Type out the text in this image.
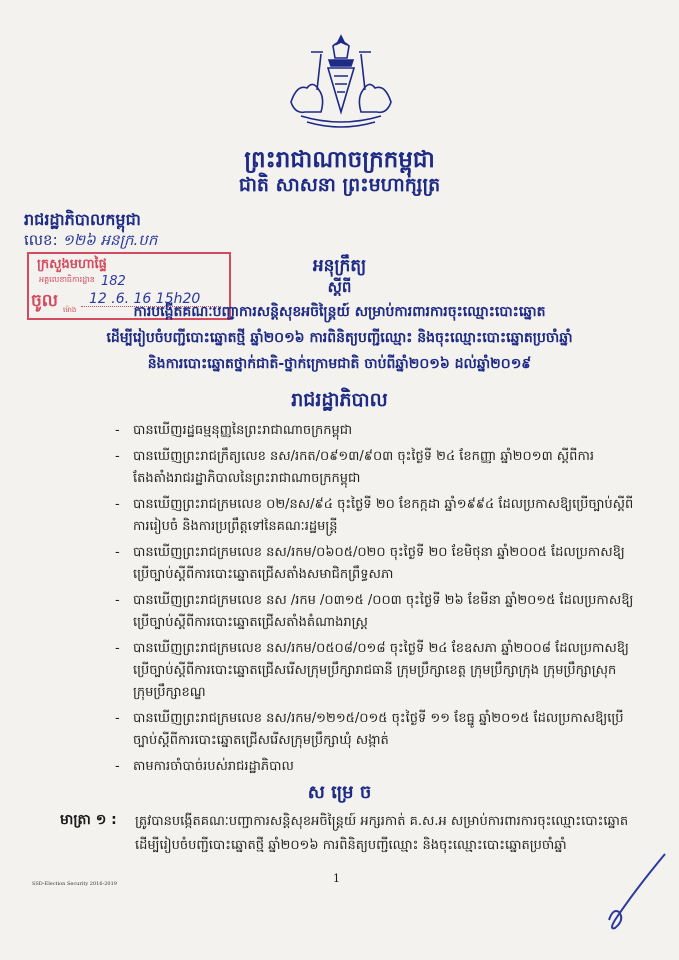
ព្រះរាជាណាចក្រកម្ពុជា
ជាតិ សាសនា ព្រះមហាក្សត្រ
រាជរដ្ឋាភិបាលកម្ពុជា
លេខ: ១២៦ អនក្រ.បក
ក្រសួងមហាផ្ទៃ
អគ្គលេខាធិការដ្ឋាន
ចូល
182
12 .6. 16 15h20
ម៉ោង
អនុក្រឹត្យ
ស្តីពី
ការបង្កើតគណៈបញ្ជាការសន្តិសុខអចិន្ត្រៃយ៍ សម្រាប់ការពារការចុះឈ្មោះបោះឆ្នោត
ដើម្បីរៀបចំបញ្ជីបោះឆ្នោតថ្មី ឆ្នាំ២០១៦ ការពិនិត្យបញ្ជីឈ្មោះ និងចុះឈ្មោះបោះឆ្នោតប្រចាំឆ្នាំ
និងការបោះឆ្នោតថ្នាក់ជាតិ-ថ្នាក់ក្រោមជាតិ ចាប់ពីឆ្នាំ២០១៦ ដល់ឆ្នាំ២០១៩
រាជរដ្ឋាភិបាល

- បានឃើញរដ្ឋធម្មនុញ្ញនៃព្រះរាជាណាចក្រកម្ពុជា

- បានឃើញព្រះរាជក្រឹត្យលេខ នស/រកត/០៩១៣/៩០៣ ចុះថ្ងៃទី ២៤ ខែកញ្ញា ឆ្នាំ២០១៣ ស្តីពីការតែងតាំងរាជរដ្ឋាភិបាលនៃព្រះរាជាណាចក្រកម្ពុជា

- បានឃើញព្រះរាជក្រមលេខ ០២/នស/៩៤ ចុះថ្ងៃទី ២០ ខែកក្កដា ឆ្នាំ១៩៩៤ ដែលប្រកាសឱ្យប្រើច្បាប់ស្តីពីការរៀបចំ និងការប្រព្រឹត្តទៅនៃគណៈរដ្ឋមន្ត្រី

- បានឃើញព្រះរាជក្រមលេខ នស/រកម/០៦០៥/០២០ ចុះថ្ងៃទី ២០ ខែមិថុនា ឆ្នាំ២០០៥ ដែលប្រកាសឱ្យប្រើច្បាប់ស្តីពីការបោះឆ្នោតជ្រើសតាំងសមាជិកព្រឹទ្ធសភា

- បានឃើញព្រះរាជក្រមលេខ នស /រកម /០៣១៥ /០០៣ ចុះថ្ងៃទី ២៦ ខែមីនា ឆ្នាំ២០១៥ ដែលប្រកាសឱ្យប្រើច្បាប់ស្តីពីការបោះឆ្នោតជ្រើសតាំងតំណាងរាស្ត្រ

- បានឃើញព្រះរាជក្រមលេខ នស/រកម/០៥០៨/០១៨ ចុះថ្ងៃទី ២៤ ខែឧសភា ឆ្នាំ២០០៨ ដែលប្រកាសឱ្យប្រើច្បាប់ស្តីពីការបោះឆ្នោតជ្រើសរើសក្រុមប្រឹក្សារាជធានី ក្រុមប្រឹក្សាខេត្ត ក្រុមប្រឹក្សាក្រុង ក្រុមប្រឹក្សាស្រុក ក្រុមប្រឹក្សាខណ្ឌ

- បានឃើញព្រះរាជក្រមលេខ នស/រកម/១២១៥/០១៥ ចុះថ្ងៃទី ១១ ខែធ្នូ ឆ្នាំ២០១៥ ដែលប្រកាសឱ្យប្រើច្បាប់ស្តីពីការបោះឆ្នោតជ្រើសរើសក្រុមប្រឹក្សាឃុំ សង្កាត់

- តាមការចាំបាច់របស់រាជរដ្ឋាភិបាល

ស ម្រេ ច
មាត្រា ១ : ត្រូវបានបង្កើតគណៈបញ្ជាការសន្តិសុខអចិន្ត្រៃយ៍ អក្សរកាត់ គ.ស.អ សម្រាប់ការពារការចុះឈ្មោះបោះឆ្នោតដើម្បីរៀបចំបញ្ជីបោះឆ្នោតថ្មី ឆ្នាំ២០១៦ ការពិនិត្យបញ្ជីឈ្មោះ និងចុះឈ្មោះបោះឆ្នោតប្រចាំឆ្នាំ
SSD-Election Security 2016-2019	1
